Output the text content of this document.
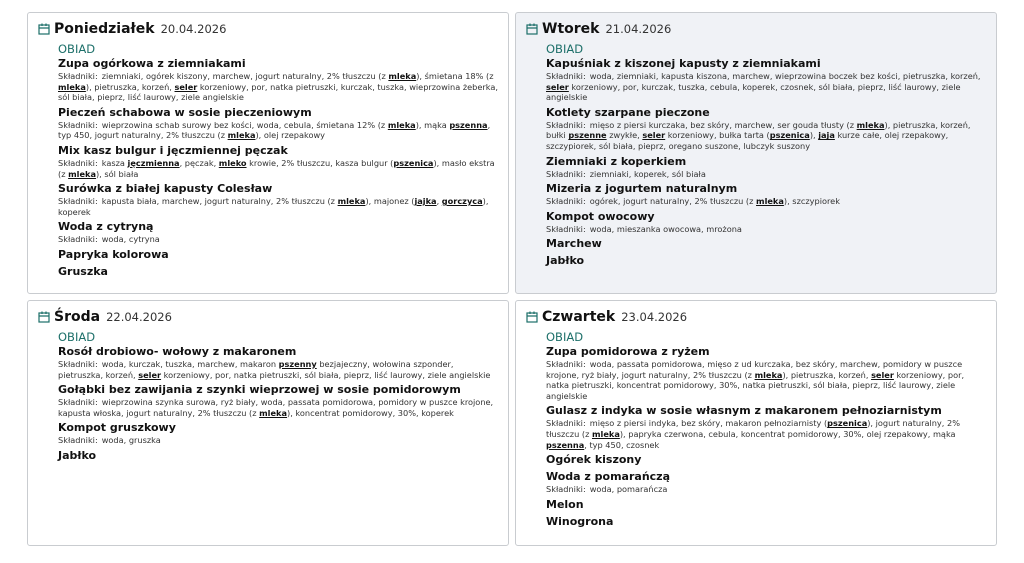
Poniedziałek 20.04.2026
OBIAD
Zupa ogórkowa z ziemniakami
Składniki: ziemniaki, ogórek kiszony, marchew, jogurt naturalny, 2% tłuszczu (z mleka), śmietana 18% (z mleka), pietruszka, korzeń, seler korzeniowy, por, natka pietruszki, kurczak, tuszka, wieprzowina żeberka, sól biała, pieprz, liść laurowy, ziele angielskie
Pieczeń schabowa w sosie pieczeniowym
Składniki: wieprzowina schab surowy bez kości, woda, cebula, śmietana 12% (z mleka), mąka pszenna, typ 450, jogurt naturalny, 2% tłuszczu (z mleka), olej rzepakowy
Mix kasz bulgur i jęczmiennej pęczak
Składniki: kasza jęczmienna, pęczak, mleko krowie, 2% tłuszczu, kasza bulgur (pszenica), masło ekstra (z mleka), sól biała
Surówka z białej kapusty Colesław
Składniki: kapusta biała, marchew, jogurt naturalny, 2% tłuszczu (z mleka), majonez (jajka, gorczyca), koperek
Woda z cytryną
Składniki: woda, cytryna
Papryka kolorowa
Gruszka
Wtorek 21.04.2026
OBIAD
Kapuśniak z kiszonej kapusty z ziemniakami
Składniki: woda, ziemniaki, kapusta kiszona, marchew, wieprzowina boczek bez kości, pietruszka, korzeń, seler korzeniowy, por, kurczak, tuszka, cebula, koperek, czosnek, sól biała, pieprz, liść laurowy, ziele angielskie
Kotlety szarpane pieczone
Składniki: mięso z piersi kurczaka, bez skóry, marchew, ser gouda tłusty (z mleka), pietruszka, korzeń, bułki pszenne zwykłe, seler korzeniowy, bułka tarta (pszenica), jaja kurze całe, olej rzepakowy, szczypiorek, sól biała, pieprz, oregano suszone, lubczyk suszony
Ziemniaki z koperkiem
Składniki: ziemniaki, koperek, sól biała
Mizeria z jogurtem naturalnym
Składniki: ogórek, jogurt naturalny, 2% tłuszczu (z mleka), szczypiorek
Kompot owocowy
Składniki: woda, mieszanka owocowa, mrożona
Marchew
Jabłko
Środa 22.04.2026
OBIAD
Rosół drobiowo- wołowy z makaronem
Składniki: woda, kurczak, tuszka, marchew, makaron pszenny bezjajeczny, wołowina szponder, pietruszka, korzeń, seler korzeniowy, por, natka pietruszki, sól biała, pieprz, liść laurowy, ziele angielskie
Gołąbki bez zawijania z szynki wieprzowej w sosie pomidorowym
Składniki: wieprzowina szynka surowa, ryż biały, woda, passata pomidorowa, pomidory w puszce krojone, kapusta włoska, jogurt naturalny, 2% tłuszczu (z mleka), koncentrat pomidorowy, 30%, koperek
Kompot gruszkowy
Składniki: woda, gruszka
Jabłko
Czwartek 23.04.2026
OBIAD
Zupa pomidorowa z ryżem
Składniki: woda, passata pomidorowa, mięso z ud kurczaka, bez skóry, marchew, pomidory w puszce krojone, ryż biały, jogurt naturalny, 2% tłuszczu (z mleka), pietruszka, korzeń, seler korzeniowy, por, natka pietruszki, koncentrat pomidorowy, 30%, natka pietruszki, sól biała, pieprz, liść laurowy, ziele angielskie
Gulasz z indyka w sosie własnym z makaronem pełnoziarnistym
Składniki: mięso z piersi indyka, bez skóry, makaron pełnoziarnisty (pszenica), jogurt naturalny, 2% tłuszczu (z mleka), papryka czerwona, cebula, koncentrat pomidorowy, 30%, olej rzepakowy, mąka pszenna, typ 450, czosnek
Ogórek kiszony
Woda z pomarańczą
Składniki: woda, pomarańcza
Melon
Winogrona
